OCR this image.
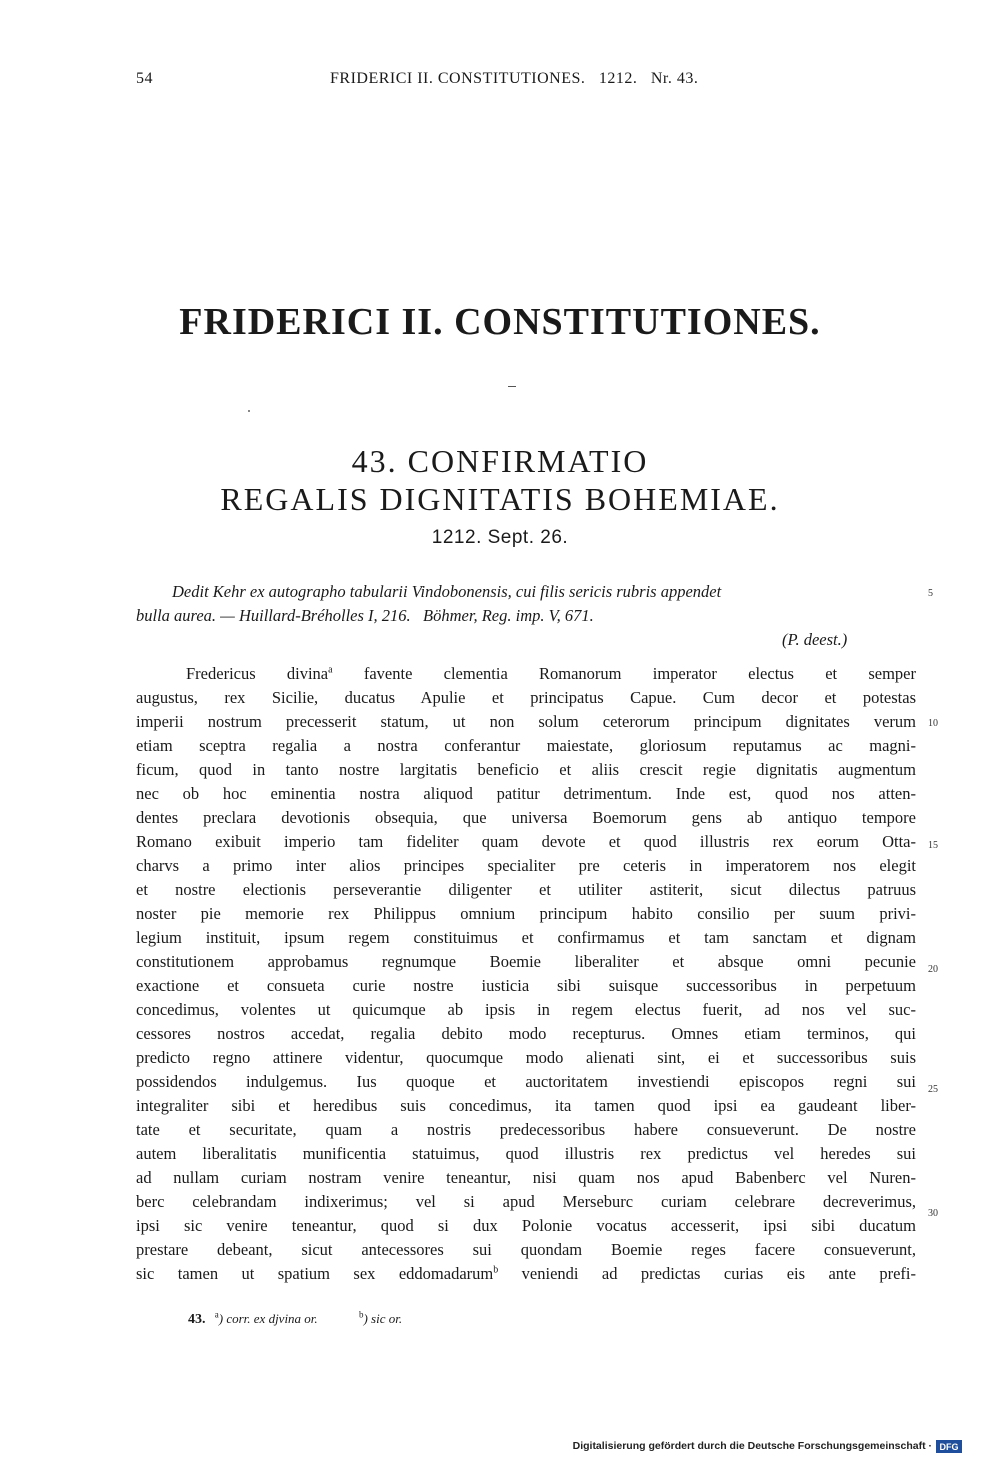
54	FRIDERICI II. CONSTITUTIONES.   1212.   Nr. 43.
FRIDERICI II. CONSTITUTIONES.
43. CONFIRMATIO
REGALIS DIGNITATIS BOHEMIAE.
1212. Sept. 26.
Dedit Kehr ex autographo tabularii Vindobonensis, cui filis sericis rubris appendet
bulla aurea. — Huillard-Bréholles I, 216.   Böhmer, Reg. imp. V, 671.
(P. deest.)
Fredericus divina$^a$ favente clementia Romanorum imperator electus et semper
augustus, rex Sicilie, ducatus Apulie et principatus Capue. Cum decor et potestas
imperii nostrum precesserit statum, ut non solum ceterorum principum dignitates verum
etiam sceptra regalia a nostra conferantur maiestate, gloriosum reputamus ac magni-
ficum, quod in tanto nostre largitatis beneficio et aliis crescit regie dignitatis augmentum
nec ob hoc eminentia nostra aliquod patitur detrimentum. Inde est, quod nos atten-
dentes preclara devotionis obsequia, que universa Boemorum gens ab antiquo tempore
Romano exibuit imperio tam fideliter quam devote et quod illustris rex eorum Otta-
charvs a primo inter alios principes specialiter pre ceteris in imperatorem nos elegit
et nostre electionis perseverantie diligenter et utiliter astiterit, sicut dilectus patruus
noster pie memorie rex Philippus omnium principum habito consilio per suum privi-
legium instituit, ipsum regem constituimus et confirmamus et tam sanctam et dignam
constitutionem approbamus regnumque Boemie liberaliter et absque omni pecunie
exactione et consueta curie nostre iusticia sibi suisque successoribus in perpetuum
concedimus, volentes ut quicumque ab ipsis in regem electus fuerit, ad nos vel suc-
cessores nostros accedat, regalia debito modo recepturus. Omnes etiam terminos, qui
predicto regno attinere videntur, quocumque modo alienati sint, ei et successoribus suis
possidendos indulgemus. Ius quoque et auctoritatem investiendi episcopos regni sui
integraliter sibi et heredibus suis concedimus, ita tamen quod ipsi ea gaudeant liber-
tate et securitate, quam a nostris predecessoribus habere consueverunt. De nostre
autem liberalitatis munificentia statuimus, quod illustris rex predictus vel heredes sui
ad nullam curiam nostram venire teneantur, nisi quam nos apud Babenberc vel Nuren-
berc celebrandam indixerimus; vel si apud Merseburc curiam celebrare decreverimus,
ipsi sic venire teneantur, quod si dux Polonie vocatus accesserit, ipsi sibi ducatum
prestare debeant, sicut antecessores sui quondam Boemie reges facere consueverunt,
sic tamen ut spatium sex eddomadarum$^b$ veniendi ad predictas curias eis ante prefi-
5
10
15
20
25
30
43. $^a$) corr. ex djvina or.	$^b$) sic or.
Digitalisierung gefördert durch die Deutsche Forschungsgemeinschaft · DFG
